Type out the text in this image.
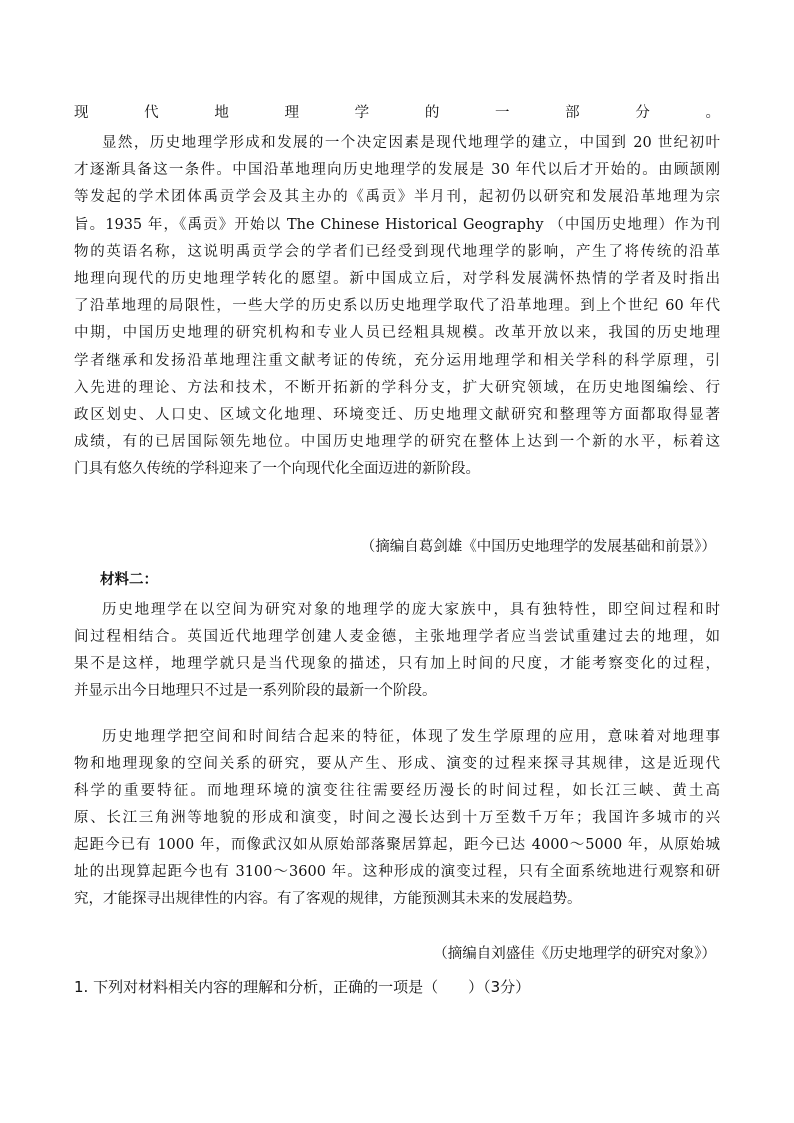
现代地理学的一部分。
显然，历史地理学形成和发展的一个决定因素是现代地理学的建立，中国到 20 世纪初叶
才逐渐具备这一条件。中国沿革地理向历史地理学的发展是 30 年代以后才开始的。由顾颉刚
等发起的学术团体禹贡学会及其主办的《禹贡》半月刊，起初仍以研究和发展沿革地理为宗
旨。1935 年，《禹贡》开始以 The Chinese Historical Geography （中国历史地理）作为刊
物的英语名称，这说明禹贡学会的学者们已经受到现代地理学的影响，产生了将传统的沿革
地理向现代的历史地理学转化的愿望。新中国成立后，对学科发展满怀热情的学者及时指出
了沿革地理的局限性，一些大学的历史系以历史地理学取代了沿革地理。到上个世纪 60 年代
中期，中国历史地理的研究机构和专业人员已经粗具规模。改革开放以来，我国的历史地理
学者继承和发扬沿革地理注重文献考证的传统，充分运用地理学和相关学科的科学原理，引
入先进的理论、方法和技术，不断开拓新的学科分支，扩大研究领域，在历史地图编绘、行
政区划史、人口史、区域文化地理、环境变迁、历史地理文献研究和整理等方面都取得显著
成绩，有的已居国际领先地位。中国历史地理学的研究在整体上达到一个新的水平，标着这
门具有悠久传统的学科迎来了一个向现代化全面迈进的新阶段。
（摘编自葛剑雄《中国历史地理学的发展基础和前景》）
材料二：
历史地理学在以空间为研究对象的地理学的庞大家族中，具有独特性，即空间过程和时
间过程相结合。英国近代地理学创建人麦金德，主张地理学者应当尝试重建过去的地理，如
果不是这样，地理学就只是当代现象的描述，只有加上时间的尺度，才能考察变化的过程，
并显示出今日地理只不过是一系列阶段的最新一个阶段。
历史地理学把空间和时间结合起来的特征，体现了发生学原理的应用，意味着对地理事
物和地理现象的空间关系的研究，要从产生、形成、演变的过程来探寻其规律，这是近现代
科学的重要特征。而地理环境的演变往往需要经历漫长的时间过程，如长江三峡、黄土高
原、长江三角洲等地貌的形成和演变，时间之漫长达到十万至数千万年；我国许多城市的兴
起距今已有 1000 年，而像武汉如从原始部落聚居算起，距今已达 4000～5000 年，从原始城
址的出现算起距今也有 3100～3600 年。这种形成的演变过程，只有全面系统地进行观察和研
究，才能探寻出规律性的内容。有了客观的规律，方能预测其未来的发展趋势。
（摘编自刘盛佳《历史地理学的研究对象》）
1. 下列对材料相关内容的理解和分析，正确的一项是（　　）（3分）
